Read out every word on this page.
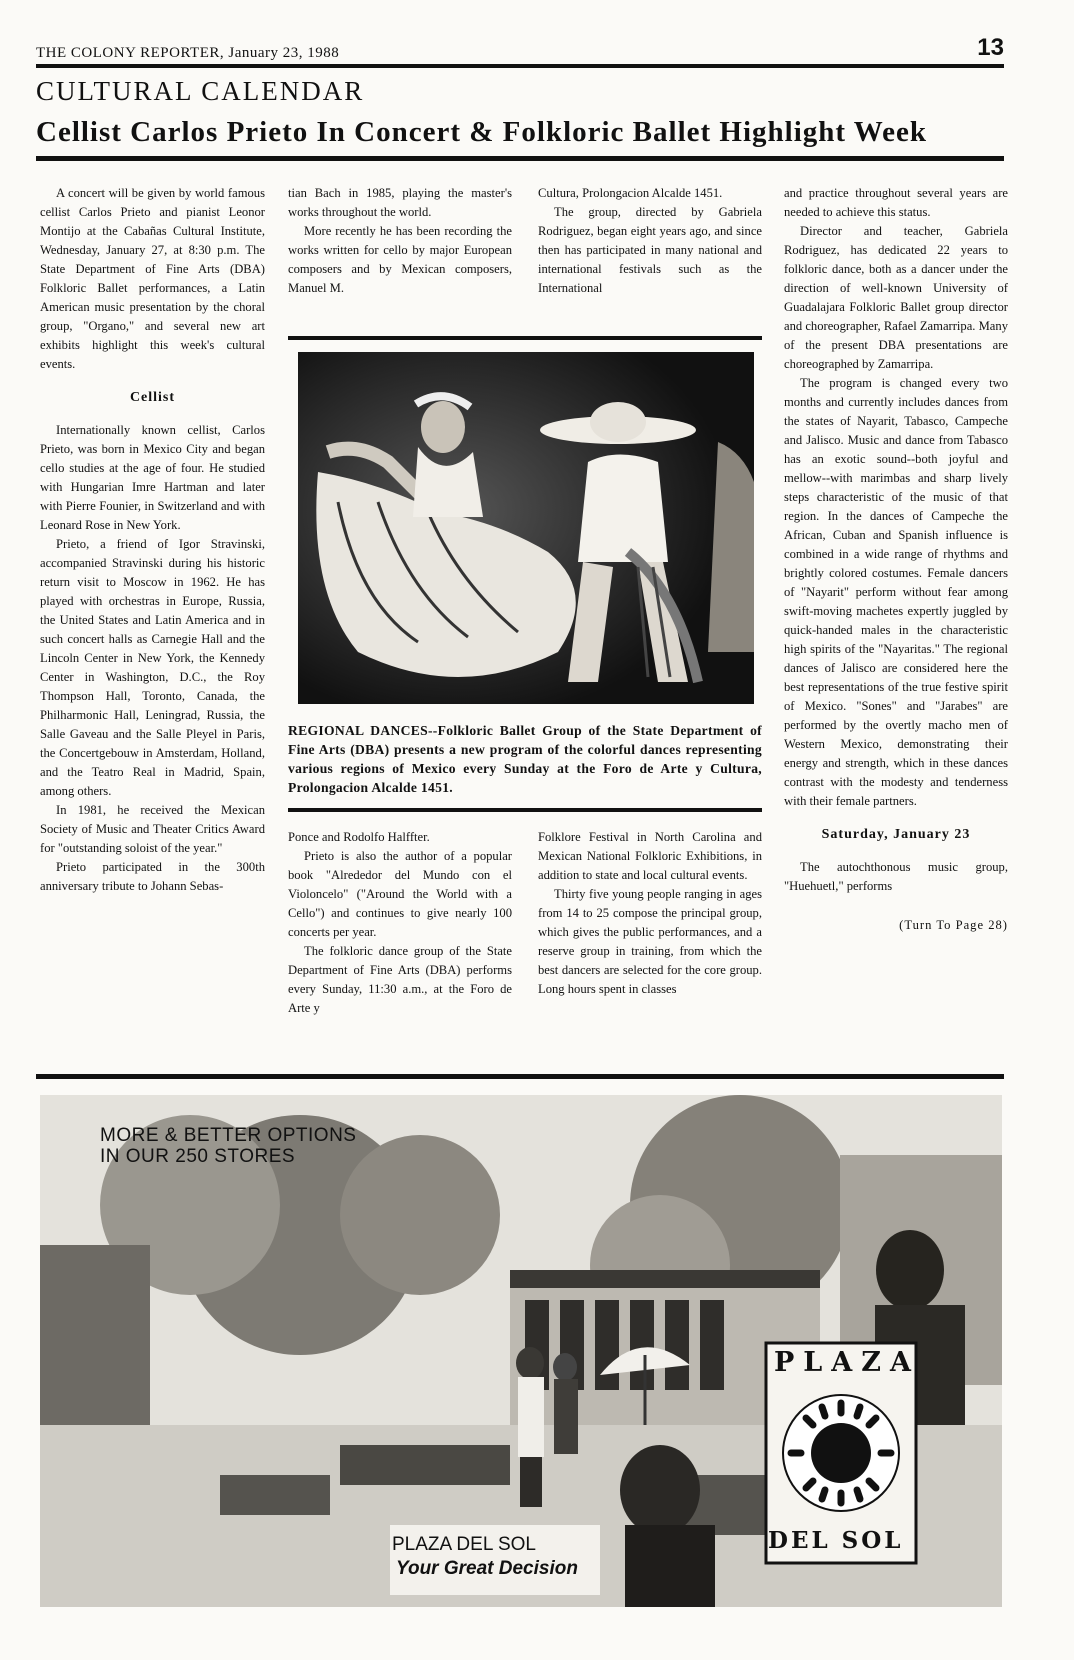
THE COLONY REPORTER, January 23, 1988	13
CULTURAL CALENDAR
Cellist Carlos Prieto In Concert & Folkloric Ballet Highlight Week

A concert will be given by world famous cellist Carlos Prieto and pianist Leonor Montijo at the Cabañas Cultural Institute, Wednesday, January 27, at 8:30 p.m. The State Department of Fine Arts (DBA) Folkloric Ballet performances, a Latin American music presentation by the choral group, "Organo," and several new art exhibits highlight this week's cultural events.

Cellist

Internationally known cellist, Carlos Prieto, was born in Mexico City and began cello studies at the age of four. He studied with Hungarian Imre Hartman and later with Pierre Founier, in Switzerland and with Leonard Rose in New York.

Prieto, a friend of Igor Stravinski, accompanied Stravinski during his historic return visit to Moscow in 1962. He has played with orchestras in Europe, Russia, the United States and Latin America and in such concert halls as Carnegie Hall and the Lincoln Center in New York, the Kennedy Center in Washington, D.C., the Roy Thompson Hall, Toronto, Canada, the Philharmonic Hall, Leningrad, Russia, the Salle Gaveau and the Salle Pleyel in Paris, the Concertgebouw in Amsterdam, Holland, and the Teatro Real in Madrid, Spain, among others.

In 1981, he received the Mexican Society of Music and Theater Critics Award for "outstanding soloist of the year."

Prieto participated in the 300th anniversary tribute to Johann Sebas-

tian Bach in 1985, playing the master's works throughout the world.

More recently he has been recording the works written for cello by major European composers and by Mexican composers, Manuel M.

Cultura, Prolongacion Alcalde 1451.

The group, directed by Gabriela Rodriguez, began eight years ago, and since then has participated in many national and international festivals such as the International

REGIONAL DANCES--Folkloric Ballet Group of the State Department of Fine Arts (DBA) presents a new program of the colorful dances representing various regions of Mexico every Sunday at the Foro de Arte y Cultura, Prolongacion Alcalde 1451.

Ponce and Rodolfo Halffter.

Prieto is also the author of a popular book "Alrededor del Mundo con el Violoncelo" ("Around the World with a Cello") and continues to give nearly 100 concerts per year.

The folkloric dance group of the State Department of Fine Arts (DBA) performs every Sunday, 11:30 a.m., at the Foro de Arte y

Folklore Festival in North Carolina and Mexican National Folkloric Exhibitions, in addition to state and local cultural events.

Thirty five young people ranging in ages from 14 to 25 compose the principal group, which gives the public performances, and a reserve group in training, from which the best dancers are selected for the core group. Long hours spent in classes

and practice throughout several years are needed to achieve this status.

Director and teacher, Gabriela Rodriguez, has dedicated 22 years to folkloric dance, both as a dancer under the direction of well-known University of Guadalajara Folkloric Ballet group director and choreographer, Rafael Zamarripa. Many of the present DBA presentations are choreographed by Zamarripa.

The program is changed every two months and currently includes dances from the states of Nayarit, Tabasco, Campeche and Jalisco. Music and dance from Tabasco has an exotic sound--both joyful and mellow--with marimbas and sharp lively steps characteristic of the music of that region. In the dances of Campeche the African, Cuban and Spanish influence is combined in a wide range of rhythms and brightly colored costumes. Female dancers of "Nayarit" perform without fear among swift-moving machetes expertly juggled by quick-handed males in the characteristic high spirits of the "Nayaritas." The regional dances of Jalisco are considered here the best representations of the true festive spirit of Mexico. "Sones" and "Jarabes" are performed by the overtly macho men of Western Mexico, demonstrating their energy and strength, which in these dances contrast with the modesty and tenderness with their female partners.

Saturday, January 23

The autochthonous music group, "Huehuetl," performs

(Turn To Page 28)
MORE & BETTER OPTIONS
IN OUR 250 STORES
PLAZA DEL SOL
Your Great Decision
PLAZA
DEL SOL
